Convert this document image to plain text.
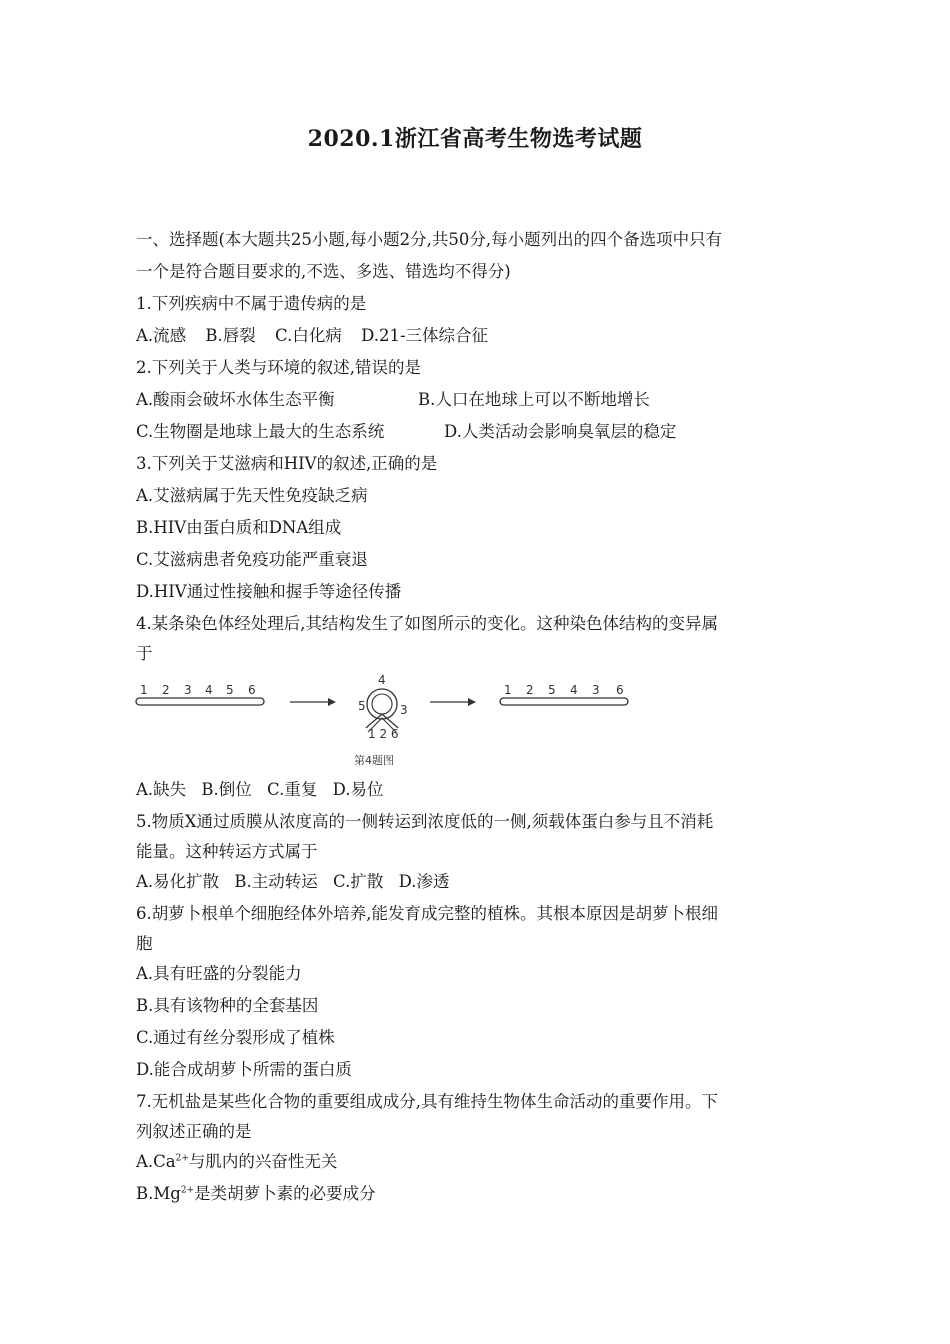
2020.1浙江省高考生物选考试题
一、选择题(本大题共25小题,每小题2分,共50分,每小题列出的四个备选项中只有
一个是符合题目要求的,不选、多选、错选均不得分)
1.下列疾病中不属于遗传病的是
A.流感 B.唇裂 C.白化病 D.21-三体综合征
2.下列关于人类与环境的叙述,错误的是
A.酸雨会破坏水体生态平衡	B.人口在地球上可以不断地增长
C.生物圈是地球上最大的生态系统	D.人类活动会影响臭氧层的稳定
3.下列关于艾滋病和HIV的叙述,正确的是
A.艾滋病属于先天性免疫缺乏病
B.HIV由蛋白质和DNA组成
C.艾滋病患者免疫功能严重衰退
D.HIV通过性接触和握手等途径传播
4.某条染色体经处理后,其结构发生了如图所示的变化。这种染色体结构的变异属
于
1 2 3 4 5 6
4
5	3
1 2 6
第4题图
1 2 5 4 3 6
A.缺失 B.倒位 C.重复 D.易位
5.物质X通过质膜从浓度高的一侧转运到浓度低的一侧,须载体蛋白参与且不消耗
能量。这种转运方式属于
A.易化扩散 B.主动转运 C.扩散 D.渗透
6.胡萝卜根单个细胞经体外培养,能发育成完整的植株。其根本原因是胡萝卜根细
胞
A.具有旺盛的分裂能力
B.具有该物种的全套基因
C.通过有丝分裂形成了植株
D.能合成胡萝卜所需的蛋白质
7.无机盐是某些化合物的重要组成成分,具有维持生物体生命活动的重要作用。下
列叙述正确的是
$A.Ca^{2+}$与肌内的兴奋性无关
$B.Mg^{2+}$是类胡萝卜素的必要成分
